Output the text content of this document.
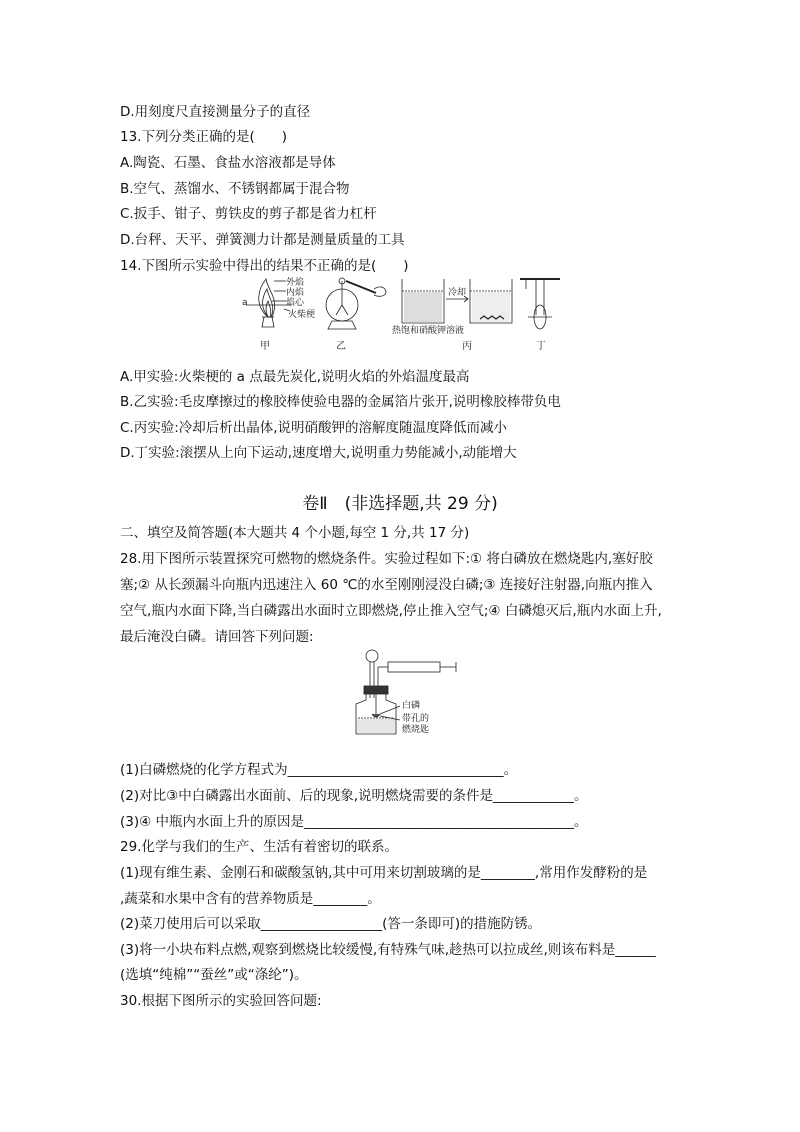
D.用刻度尺直接测量分子的直径
13.下列分类正确的是(　　)
A.陶瓷、石墨、食盐水溶液都是导体
B.空气、蒸馏水、不锈钢都属于混合物
C.扳手、钳子、剪铁皮的剪子都是省力杠杆
D.台秤、天平、弹簧测力计都是测量质量的工具
14.下图所示实验中得出的结果不正确的是(　　)
外焰
内焰
焰心
火柴梗
a
冷却
热饱和硝酸钾溶液
甲	乙	丙	丁
A.甲实验:火柴梗的 a 点最先炭化,说明火焰的外焰温度最高
B.乙实验:毛皮摩擦过的橡胶棒使验电器的金属箔片张开,说明橡胶棒带负电
C.丙实验:冷却后析出晶体,说明硝酸钾的溶解度随温度降低而减小
D.丁实验:滚摆从上向下运动,速度增大,说明重力势能减小,动能增大
卷Ⅱ　(非选择题,共 29 分)
二、填空及简答题(本大题共 4 个小题,每空 1 分,共 17 分)
28.用下图所示装置探究可燃物的燃烧条件。实验过程如下:① 将白磷放在燃烧匙内,塞好胶
塞;② 从长颈漏斗向瓶内迅速注入 60 ℃的水至刚刚浸没白磷;③ 连接好注射器,向瓶内推入
空气,瓶内水面下降,当白磷露出水面时立即燃烧,停止推入空气;④ 白磷熄灭后,瓶内水面上升,
最后淹没白磷。请回答下列问题:
白磷
带孔的
燃烧匙
(1)白磷燃烧的化学方程式为________________________________。
(2)对比③中白磷露出水面前、后的现象,说明燃烧需要的条件是____________。
(3)④ 中瓶内水面上升的原因是________________________________________。
29.化学与我们的生产、生活有着密切的联系。
(1)现有维生素、金刚石和碳酸氢钠,其中可用来切割玻璃的是________,常用作发酵粉的是
,蔬菜和水果中含有的营养物质是________。
(2)菜刀使用后可以采取__________________(答一条即可)的措施防锈。
(3)将一小块布料点燃,观察到燃烧比较缓慢,有特殊气味,趁热可以拉成丝,则该布料是______
(选填“纯棉”“蚕丝”或“涤纶”)。
30.根据下图所示的实验回答问题:
